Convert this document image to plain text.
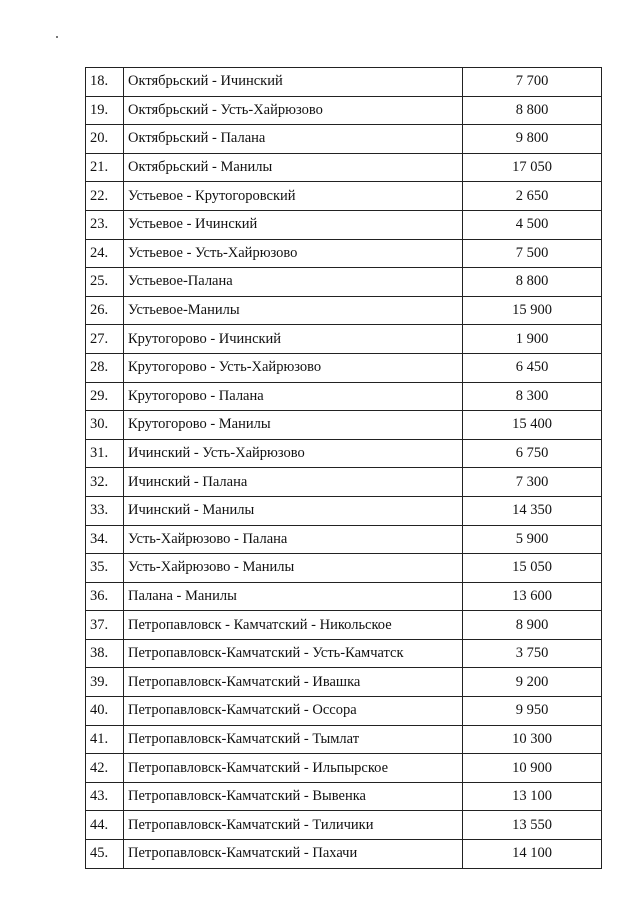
18.	Октябрьский - Ичинский	7 700
19.	Октябрьский - Усть-Хайрюзово	8 800
20.	Октябрьский - Палана	9 800
21.	Октябрьский - Манилы	17 050
22.	Устьевое - Крутогоровский	2 650
23.	Устьевое - Ичинский	4 500
24.	Устьевое - Усть-Хайрюзово	7 500
25.	Устьевое-Палана	8 800
26.	Устьевое-Манилы	15 900
27.	Крутогорово - Ичинский	1 900
28.	Крутогорово - Усть-Хайрюзово	6 450
29.	Крутогорово - Палана	8 300
30.	Крутогорово - Манилы	15 400
31.	Ичинский - Усть-Хайрюзово	6 750
32.	Ичинский - Палана	7 300
33.	Ичинский - Манилы	14 350
34.	Усть-Хайрюзово - Палана	5 900
35.	Усть-Хайрюзово - Манилы	15 050
36.	Палана - Манилы	13 600
37.	Петропавловск - Камчатский - Никольское	8 900
38.	Петропавловск-Камчатский - Усть-Камчатск	3 750
39.	Петропавловск-Камчатский - Ивашка	9 200
40.	Петропавловск-Камчатский - Оссора	9 950
41.	Петропавловск-Камчатский - Тымлат	10 300
42.	Петропавловск-Камчатский - Ильпырское	10 900
43.	Петропавловск-Камчатский - Вывенка	13 100
44.	Петропавловск-Камчатский - Тиличики	13 550
45.	Петропавловск-Камчатский - Пахачи	14 100
